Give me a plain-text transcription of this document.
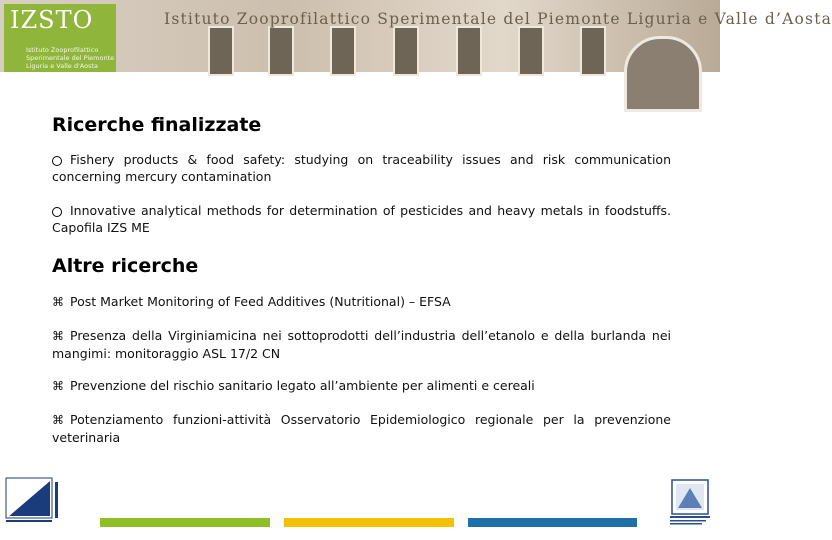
IZSTO
Istituto Zooprofilattico
Sperimentale del Piemonte
Liguria e Valle d'Aosta
Istituto Zooprofilattico Sperimentale del Piemonte Liguria e Valle d’Aosta
Ricerche finalizzate
Fishery products & food safety: studying on traceability issues and risk communication concerning mercury contamination
Innovative analytical methods for determination of pesticides and heavy metals in foodstuffs. Capofila IZS ME
Altre ricerche
⌘ Post Market Monitoring of Feed Additives (Nutritional) – EFSA
⌘ Presenza della Virginiamicina nei sottoprodotti dell’industria dell’etanolo e della burlanda nei mangimi: monitoraggio ASL 17/2 CN
⌘ Prevenzione del rischio sanitario legato all’ambiente per alimenti e cereali
⌘ Potenziamento funzioni-attività Osservatorio Epidemiologico regionale per la prevenzione veterinaria
